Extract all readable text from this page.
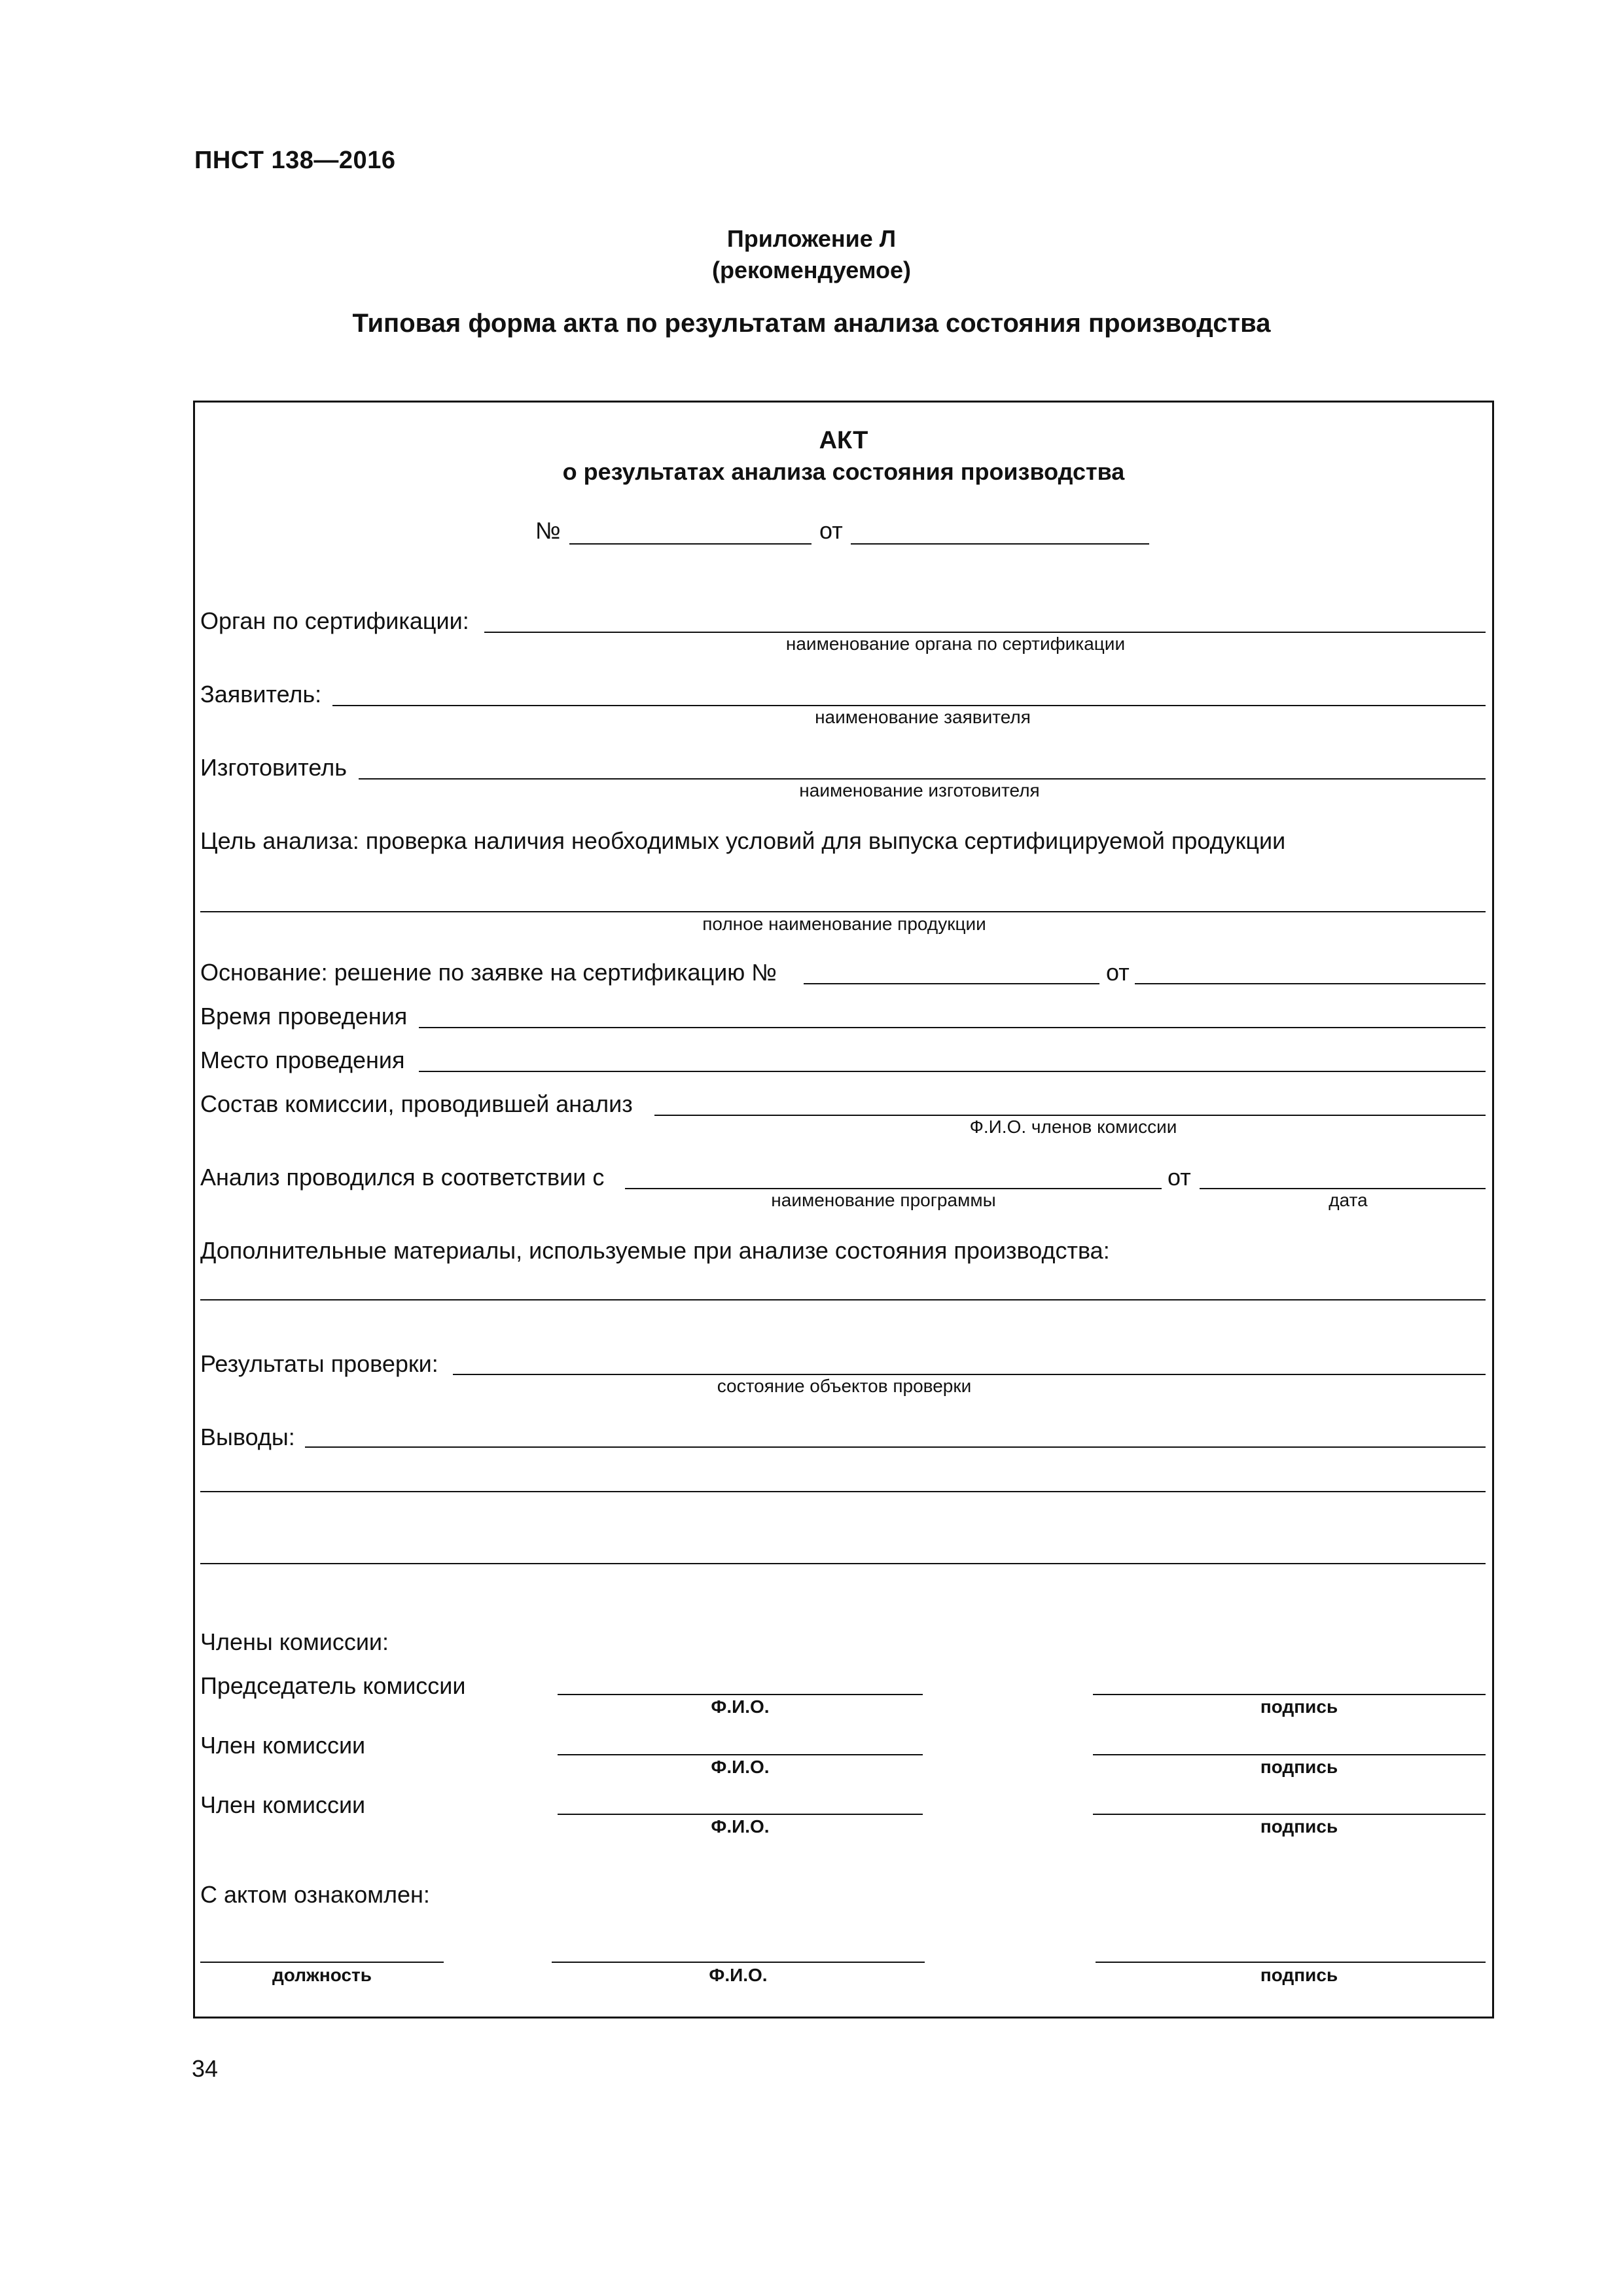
ПНСТ 138—2016
Приложение Л
(рекомендуемое)
Типовая форма акта по результатам анализа состояния производства
АКТ
о результатах анализа состояния производства
№	от
Орган по сертификации:
наименование органа по сертификации
Заявитель:
наименование заявителя
Изготовитель
наименование изготовителя
Цель анализа: проверка наличия необходимых условий для выпуска сертифицируемой продукции
полное наименование продукции
Основание: решение по заявке на сертификацию №	от
Время проведения
Место проведения
Состав комиссии, проводившей анализ
Ф.И.О. членов комиссии
Анализ проводился в соответствии с	от
наименование программы	дата
Дополнительные материалы, используемые при анализе состояния производства:
Результаты проверки:
состояние объектов проверки
Выводы:
Члены комиссии:
Председатель комиссии
Ф.И.О.	подпись
Член комиссии
Ф.И.О.	подпись
Член комиссии
Ф.И.О.	подпись
С актом ознакомлен:
должность	Ф.И.О.	подпись
34
